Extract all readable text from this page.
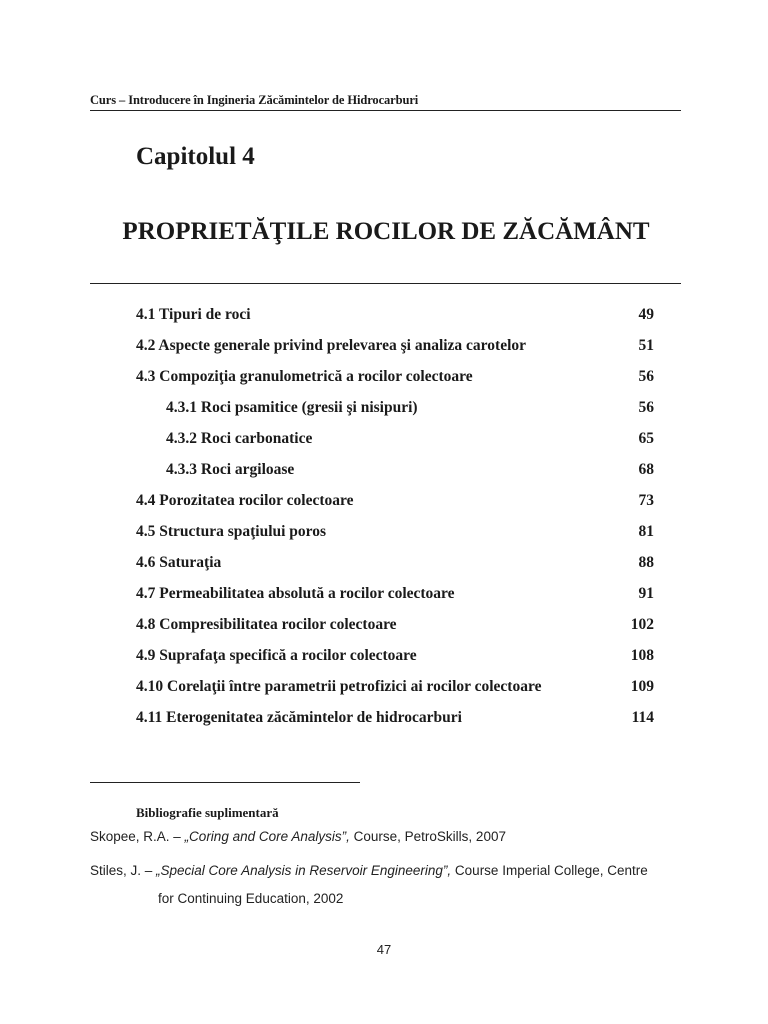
Curs – Introducere în Ingineria Zăcămintelor de Hidrocarburi
Capitolul 4
PROPRIETĂŢILE ROCILOR DE ZĂCĂMÂNT
4.1 Tipuri de roci	49
4.2 Aspecte generale privind prelevarea şi analiza carotelor	51
4.3 Compoziţia granulometrică a rocilor colectoare	56
4.3.1 Roci psamitice (gresii şi nisipuri)	56
4.3.2 Roci carbonatice	65
4.3.3 Roci argiloase	68
4.4 Porozitatea rocilor colectoare	73
4.5 Structura spaţiului poros	81
4.6 Saturaţia	88
4.7 Permeabilitatea absolută a rocilor colectoare	91
4.8 Compresibilitatea rocilor colectoare	102
4.9 Suprafaţa specifică a rocilor colectoare	108
4.10 Corelaţii între parametrii petrofizici ai rocilor colectoare	109
4.11 Eterogenitatea zăcămintelor de hidrocarburi	114
Bibliografie suplimentară
Skopee, R.A. – „Coring and Core Analysis”, Course, PetroSkills, 2007
Stiles, J. – „Special Core Analysis in Reservoir Engineering”, Course Imperial College, Centre
for Continuing Education, 2002
47
